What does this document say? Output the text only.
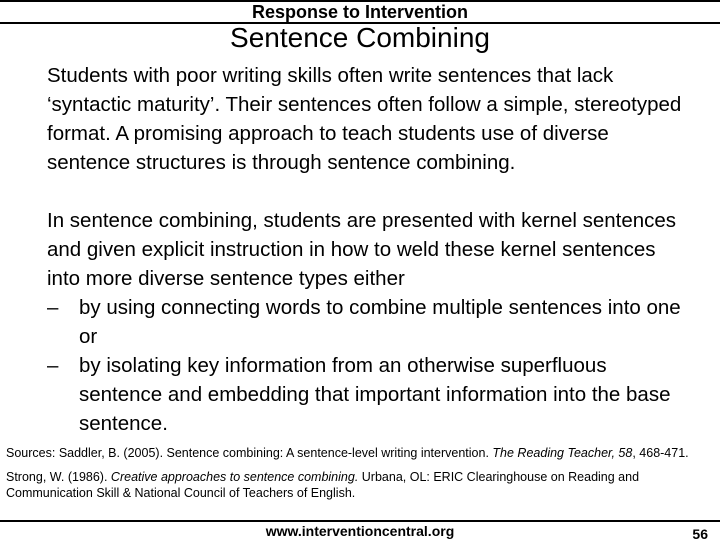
Response to Intervention
Sentence Combining

Students with poor writing skills often write sentences that lack ‘syntactic maturity’. Their sentences often follow a simple, stereotyped format. A promising approach to teach students use of diverse sentence structures is through sentence combining.

In sentence combining, students are presented with kernel sentences and given explicit instruction in how to weld these kernel sentences into more diverse sentence types either

– by using connecting words to combine multiple sentences into one or
– by isolating key information from an otherwise superfluous sentence and embedding that important information into the base sentence.

Sources: Saddler, B. (2005). Sentence combining: A sentence-level writing intervention. The Reading Teacher, 58, 468-471.

Strong, W. (1986). Creative approaches to sentence combining. Urbana, OL: ERIC Clearinghouse on Reading and Communication Skill & National Council of Teachers of English.

www.interventioncentral.org	56
